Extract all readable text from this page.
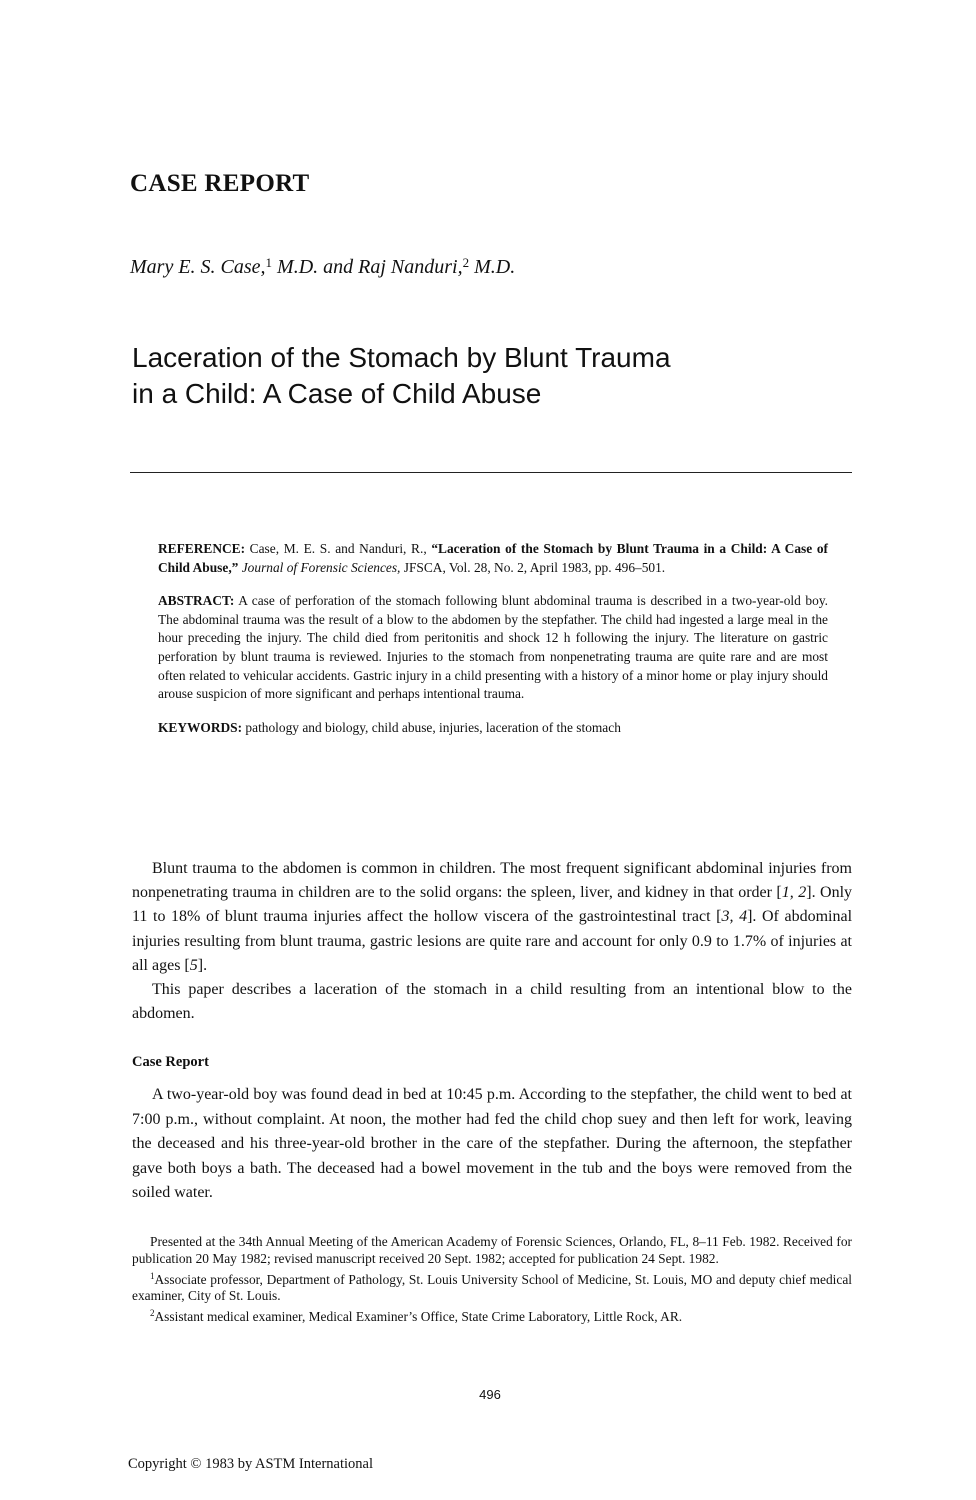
CASE REPORT

Mary E. S. Case,$^1$ M.D. and Raj Nanduri,$^2$ M.D.

Laceration of the Stomach by Blunt Trauma
in a Child: A Case of Child Abuse

REFERENCE: Case, M. E. S. and Nanduri, R., “Laceration of the Stomach by Blunt Trauma in a Child: A Case of Child Abuse,” Journal of Forensic Sciences, JFSCA, Vol. 28, No. 2, April 1983, pp. 496–501.

ABSTRACT: A case of perforation of the stomach following blunt abdominal trauma is described in a two-year-old boy. The abdominal trauma was the result of a blow to the abdomen by the stepfather. The child had ingested a large meal in the hour preceding the injury. The child died from peritonitis and shock 12 h following the injury. The literature on gastric perforation by blunt trauma is reviewed. Injuries to the stomach from nonpenetrating trauma are quite rare and are most often related to vehicular accidents. Gastric injury in a child presenting with a history of a minor home or play injury should arouse suspicion of more significant and perhaps intentional trauma.

KEYWORDS: pathology and biology, child abuse, injuries, laceration of the stomach

Blunt trauma to the abdomen is common in children. The most frequent significant abdominal injuries from nonpenetrating trauma in children are to the solid organs: the spleen, liver, and kidney in that order [1, 2]. Only 11 to 18% of blunt trauma injuries affect the hollow viscera of the gastrointestinal tract [3, 4]. Of abdominal injuries resulting from blunt trauma, gastric lesions are quite rare and account for only 0.9 to 1.7% of injuries at all ages [5].

This paper describes a laceration of the stomach in a child resulting from an intentional blow to the abdomen.

Case Report

A two-year-old boy was found dead in bed at 10:45 p.m. According to the stepfather, the child went to bed at 7:00 p.m., without complaint. At noon, the mother had fed the child chop suey and then left for work, leaving the deceased and his three-year-old brother in the care of the stepfather. During the afternoon, the stepfather gave both boys a bath. The deceased had a bowel movement in the tub and the boys were removed from the soiled water.

Presented at the 34th Annual Meeting of the American Academy of Forensic Sciences, Orlando, FL, 8–11 Feb. 1982. Received for publication 20 May 1982; revised manuscript received 20 Sept. 1982; accepted for publication 24 Sept. 1982.

$^1$Associate professor, Department of Pathology, St. Louis University School of Medicine, St. Louis, MO and deputy chief medical examiner, City of St. Louis.

$^2$Assistant medical examiner, Medical Examiner’s Office, State Crime Laboratory, Little Rock, AR.

496
Copyright © 1983 by ASTM International
